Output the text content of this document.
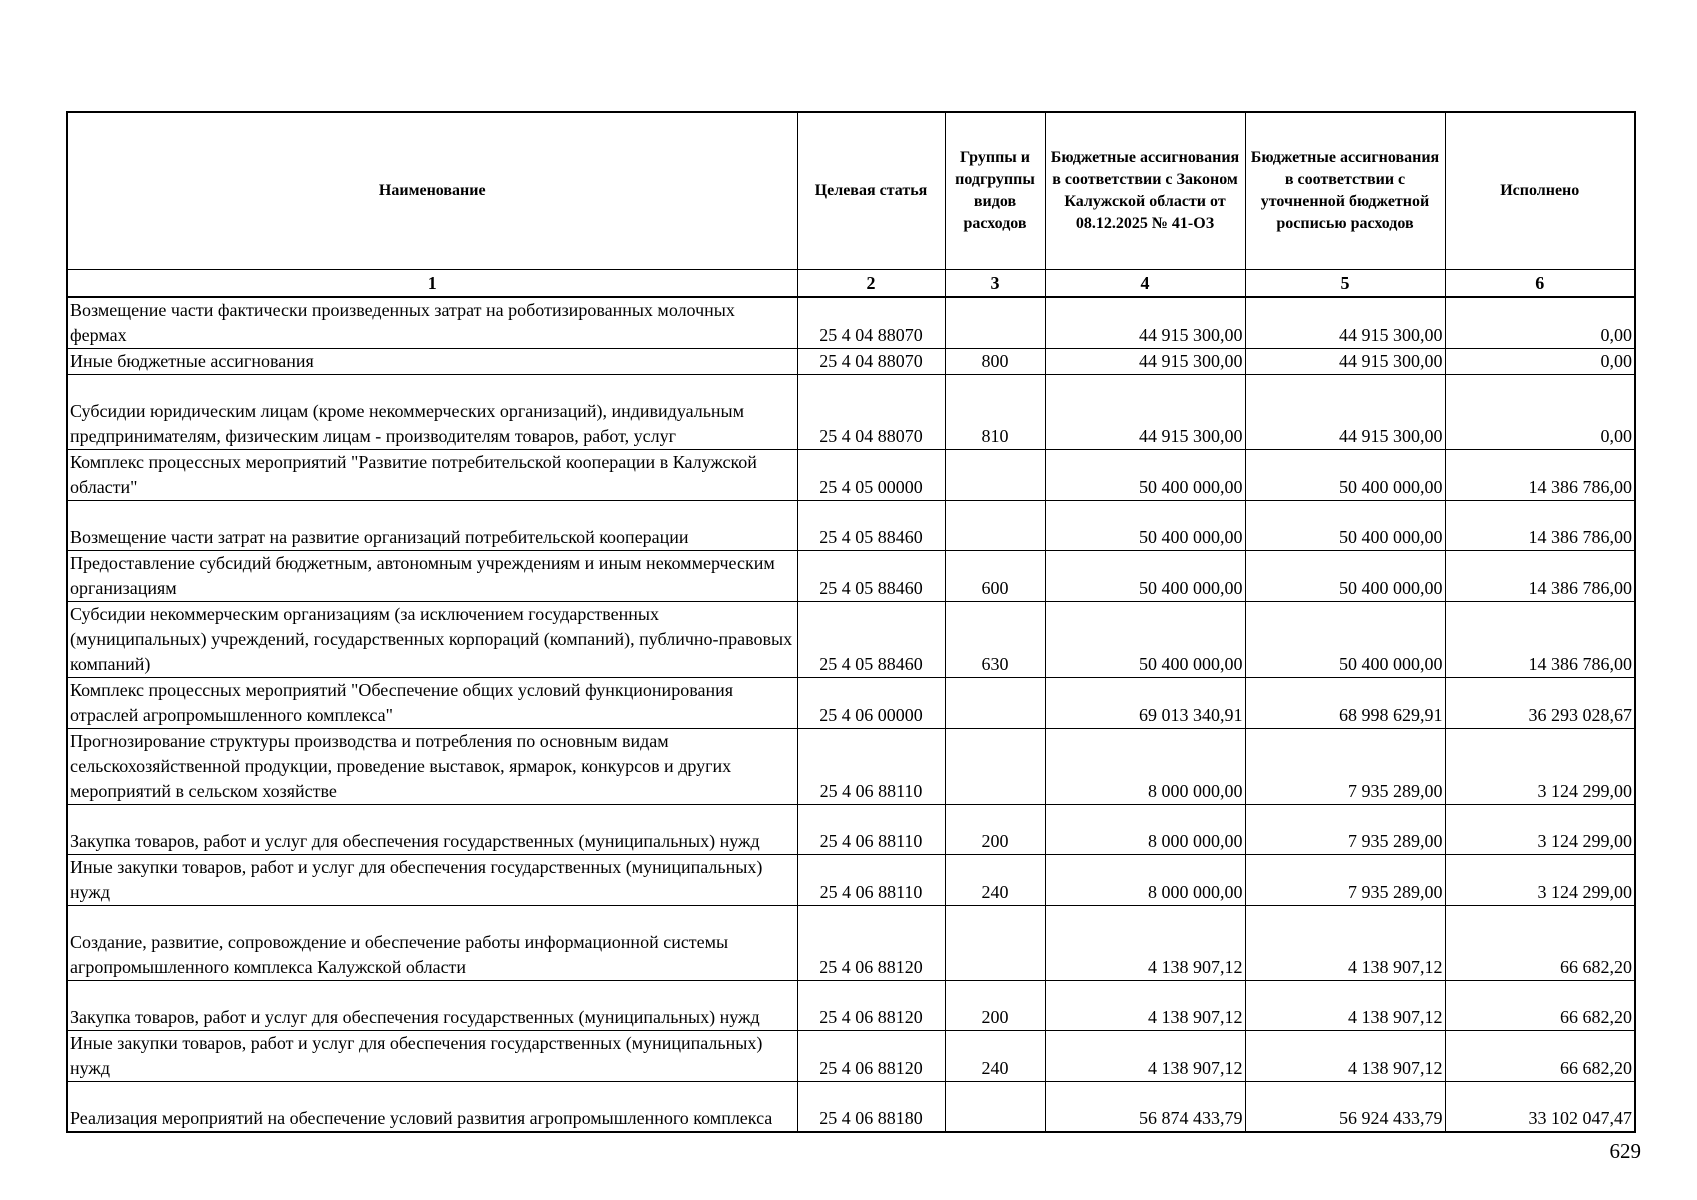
Наименование	Целевая статья	Группы и подгруппы видов расходов	Бюджетные ассигнования в соответствии с Законом Калужской области от 08.12.2025 № 41-ОЗ	Бюджетные ассигнования в соответствии с уточненной бюджетной росписью расходов	Исполнено
1	2	3	4	5	6
Возмещение части фактически произведенных затрат на роботизированных молочных фермах	25 4 04 88070		44 915 300,00	44 915 300,00	0,00
Иные бюджетные ассигнования	25 4 04 88070	800	44 915 300,00	44 915 300,00	0,00
Субсидии юридическим лицам (кроме некоммерческих организаций), индивидуальным предпринимателям, физическим лицам - производителям товаров, работ, услуг	25 4 04 88070	810	44 915 300,00	44 915 300,00	0,00
Комплекс процессных мероприятий "Развитие потребительской кооперации в Калужской области"	25 4 05 00000		50 400 000,00	50 400 000,00	14 386 786,00
Возмещение части затрат на развитие организаций потребительской кооперации	25 4 05 88460		50 400 000,00	50 400 000,00	14 386 786,00
Предоставление субсидий бюджетным, автономным учреждениям и иным некоммерческим организациям	25 4 05 88460	600	50 400 000,00	50 400 000,00	14 386 786,00
Субсидии некоммерческим организациям (за исключением государственных (муниципальных) учреждений, государственных корпораций (компаний), публично-правовых компаний)	25 4 05 88460	630	50 400 000,00	50 400 000,00	14 386 786,00
Комплекс процессных мероприятий "Обеспечение общих условий функционирования отраслей агропромышленного комплекса"	25 4 06 00000		69 013 340,91	68 998 629,91	36 293 028,67
Прогнозирование структуры производства и потребления по основным видам сельскохозяйственной продукции, проведение выставок, ярмарок, конкурсов и других мероприятий в сельском хозяйстве	25 4 06 88110		8 000 000,00	7 935 289,00	3 124 299,00
Закупка товаров, работ и услуг для обеспечения государственных (муниципальных) нужд	25 4 06 88110	200	8 000 000,00	7 935 289,00	3 124 299,00
Иные закупки товаров, работ и услуг для обеспечения государственных (муниципальных) нужд	25 4 06 88110	240	8 000 000,00	7 935 289,00	3 124 299,00
Создание, развитие, сопровождение и обеспечение работы информационной системы агропромышленного комплекса Калужской области	25 4 06 88120		4 138 907,12	4 138 907,12	66 682,20
Закупка товаров, работ и услуг для обеспечения государственных (муниципальных) нужд	25 4 06 88120	200	4 138 907,12	4 138 907,12	66 682,20
Иные закупки товаров, работ и услуг для обеспечения государственных (муниципальных) нужд	25 4 06 88120	240	4 138 907,12	4 138 907,12	66 682,20
Реализация мероприятий на обеспечение условий развития агропромышленного комплекса	25 4 06 88180		56 874 433,79	56 924 433,79	33 102 047,47
629
